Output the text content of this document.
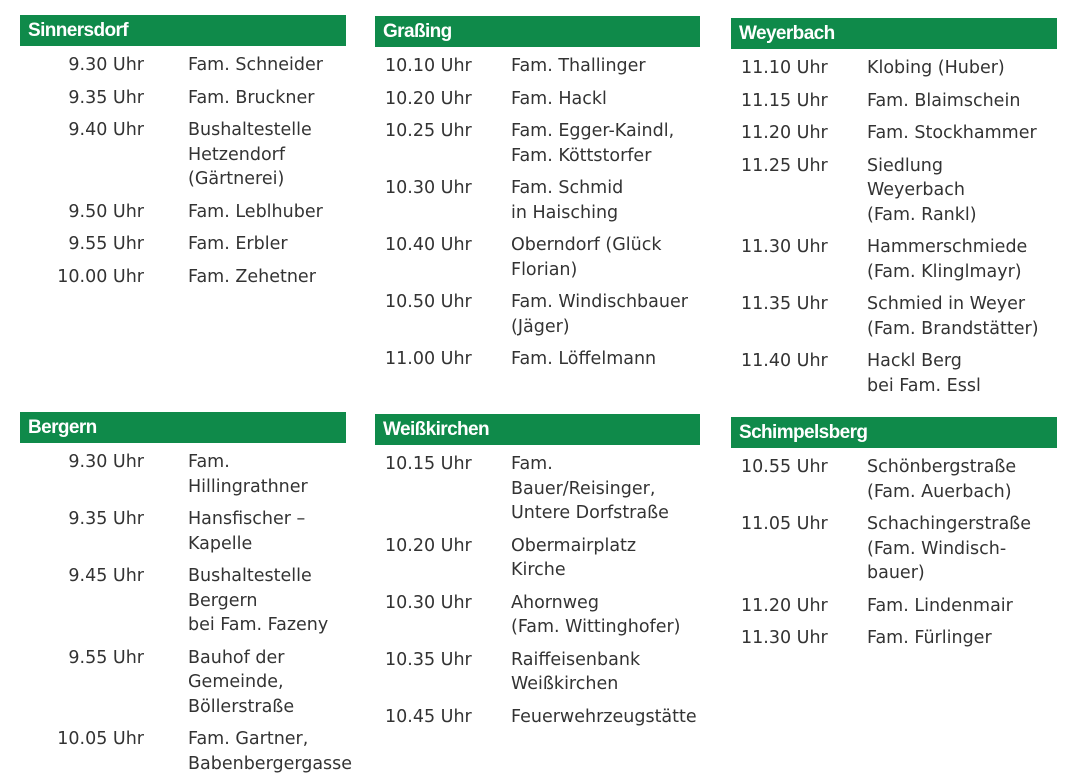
Sinnersdorf
9.30 Uhr	Fam. Schneider
9.35 Uhr	Fam. Bruckner
9.40 Uhr	Bushaltestelle
Hetzendorf
(Gärtnerei)
9.50 Uhr	Fam. Leblhuber
9.55 Uhr	Fam. Erbler
10.00 Uhr	Fam. Zehetner
Graßing
10.10 Uhr	Fam. Thallinger
10.20 Uhr	Fam. Hackl
10.25 Uhr	Fam. Egger-Kaindl,
Fam. Köttstorfer
10.30 Uhr	Fam. Schmid
in Haisching
10.40 Uhr	Oberndorf (Glück
Florian)
10.50 Uhr	Fam. Windischbauer
(Jäger)
11.00 Uhr	Fam. Löffelmann
Weyerbach
11.10 Uhr	Klobing (Huber)
11.15 Uhr	Fam. Blaimschein
11.20 Uhr	Fam. Stockhammer
11.25 Uhr	Siedlung
Weyerbach
(Fam. Rankl)
11.30 Uhr	Hammerschmiede
(Fam. Klinglmayr)
11.35 Uhr	Schmied in Weyer
(Fam. Brandstätter)
11.40 Uhr	Hackl Berg
bei Fam. Essl
Bergern
9.30 Uhr	Fam. Hillingrathner
9.35 Uhr	Hansfischer –
Kapelle
9.45 Uhr	Bushaltestelle
Bergern
bei Fam. Fazeny
9.55 Uhr	Bauhof der
Gemeinde,
Böllerstraße
10.05 Uhr	Fam. Gartner,
Babenbergergasse
Weißkirchen
10.15 Uhr	Fam.
Bauer/Reisinger,
Untere Dorfstraße
10.20 Uhr	Obermairplatz
Kirche
10.30 Uhr	Ahornweg
(Fam. Wittinghofer)
10.35 Uhr	Raiffeisenbank
Weißkirchen
10.45 Uhr	Feuerwehrzeugstätte
Schimpelsberg
10.55 Uhr	Schönbergstraße
(Fam. Auerbach)
11.05 Uhr	Schachingerstraße
(Fam. Windisch-
bauer)
11.20 Uhr	Fam. Lindenmair
11.30 Uhr	Fam. Fürlinger
